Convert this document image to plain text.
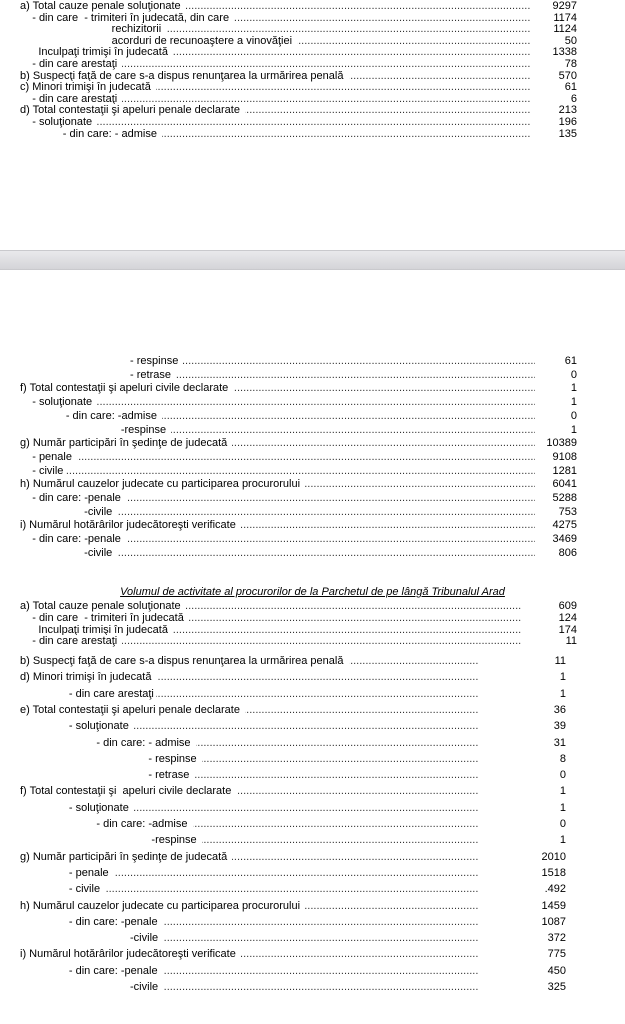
.....
a) Total cauze penale soluţionate	9297
.....
- din care  - trimiteri în judecată, din care	1174
.....
rechizitorii	1124
.....
acorduri de recunoaştere a vinovăţiei	50
.....
Inculpaţi trimişi în judecată	1338
.....
- din care arestaţi	78
.....
b) Suspecţi faţă de care s-a dispus renunţarea la urmărirea penală	570
.....
c) Minori trimişi în judecată	61
.....
- din care arestaţi	6
.....
d) Total contestaţii şi apeluri penale declarate	213
.....
- soluţionate	196
.....
- din care: - admise	135
Volumul de activitate al procurorilor de la Parchetul de pe lângă Tribunalul Arad
.....
- respinse	61
.....
- retrase	0
.....
f) Total contestaţii şi apeluri civile declarate	1
.....
- soluţionate	1
.....
- din care: -admise	0
.....
-respinse	1
.....
g) Număr participări în şedinţe de judecată	10389
.....
- penale	9108
.....
- civile	1281
.....
h) Numărul cauzelor judecate cu participarea procurorului	6041
.....
- din care: -penale	5288
.....
-civile	753
.....
i) Numărul hotărârilor judecătoreşti verificate	4275
.....
- din care: -penale	3469
.....
-civile	806
.....
a) Total cauze penale soluţionate	609
.....
- din care  - trimiteri în judecată	124
.....
Inculpaţi trimişi în judecată	174
.....
- din care arestaţi	11
.....
b) Suspecţi faţă de care s-a dispus renunţarea la urmărirea penală	11
.....
d) Minori trimişi în judecată	1
.....
- din care arestaţi	1
.....
e) Total contestaţii şi apeluri penale declarate	36
.....
- soluţionate	39
.....
- din care: - admise	31
.....
- respinse	8
.....
- retrase	0
.....
f) Total contestaţii şi  apeluri civile declarate	1
.....
- soluţionate	1
.....
- din care: -admise	0
.....
-respinse	1
.....
g) Număr participări în şedinţe de judecată	2010
.....
- penale	1518
.....
- civile	.492
.....
h) Numărul cauzelor judecate cu participarea procurorului	1459
.....
- din care: -penale	1087
.....
-civile	372
.....
i) Numărul hotărârilor judecătoreşti verificate	775
.....
- din care: -penale	450
.....
-civile	325
